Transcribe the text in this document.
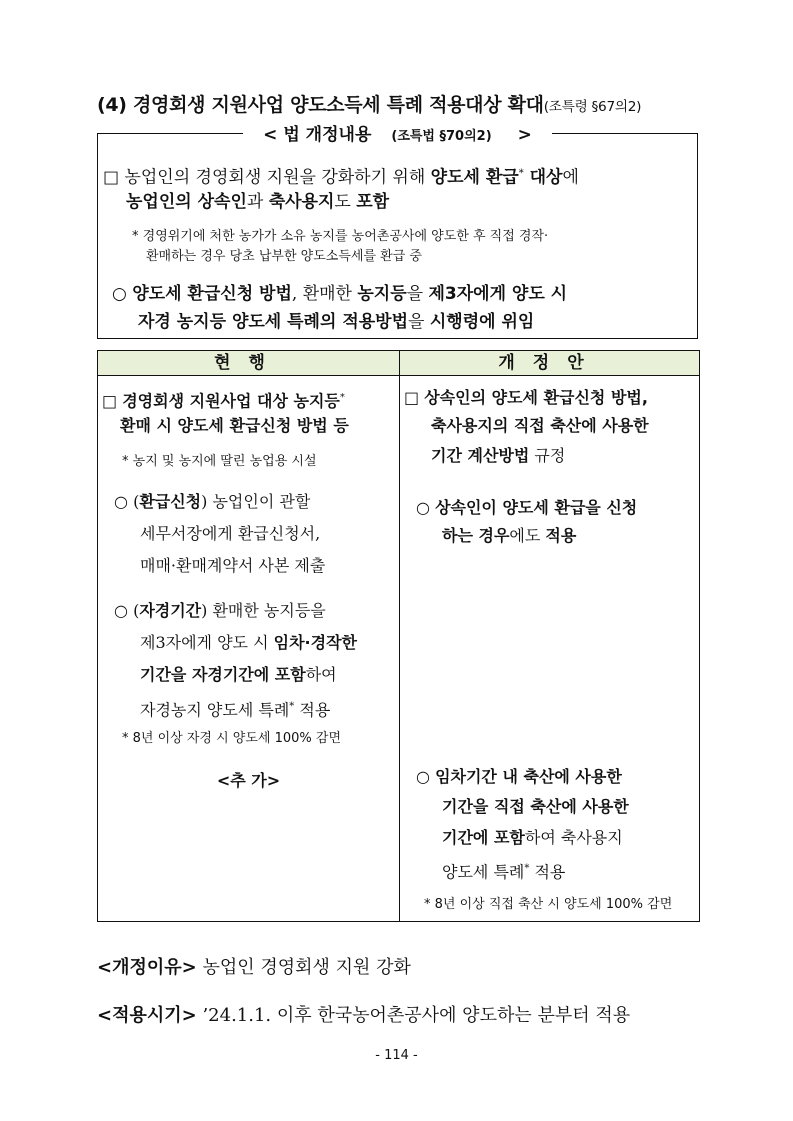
(4) 경영회생 지원사업 양도소득세 특례 적용대상 확대(조특령 §67의2)
< 법 개정내용 (조특법 §70의2) >
□ 농업인의 경영회생 지원을 강화하기 위해 양도세 환급* 대상에
농업인의 상속인과 축사용지도 포함
* 경영위기에 처한 농가가 소유 농지를 농어촌공사에 양도한 후 직접 경작·
환매하는 경우 당초 납부한 양도소득세를 환급 중
○ 양도세 환급신청 방법, 환매한 농지등을 제3자에게 양도 시
자경 농지등 양도세 특례의 적용방법을 시행령에 위임
현행	개정안
□ 경영회생 지원사업 대상 농지등*
환매 시 양도세 환급신청 방법 등
* 농지 및 농지에 딸린 농업용 시설
○ (환급신청) 농업인이 관할
세무서장에게 환급신청서,
매매·환매계약서 사본 제출
○ (자경기간) 환매한 농지등을
제3자에게 양도 시 임차·경작한
기간을 자경기간에 포함하여
자경농지 양도세 특례* 적용
* 8년 이상 자경 시 양도세 100% 감면
<추 가>
□ 상속인의 양도세 환급신청 방법,
축사용지의 직접 축산에 사용한
기간 계산방법 규정
○ 상속인이 양도세 환급을 신청
하는 경우에도 적용
○ 임차기간 내 축산에 사용한
기간을 직접 축산에 사용한
기간에 포함하여 축사용지
양도세 특례* 적용
* 8년 이상 직접 축산 시 양도세 100% 감면
<개정이유> 농업인 경영회생 지원 강화
<적용시기> ’24.1.1. 이후 한국농어촌공사에 양도하는 분부터 적용
- 114 -
